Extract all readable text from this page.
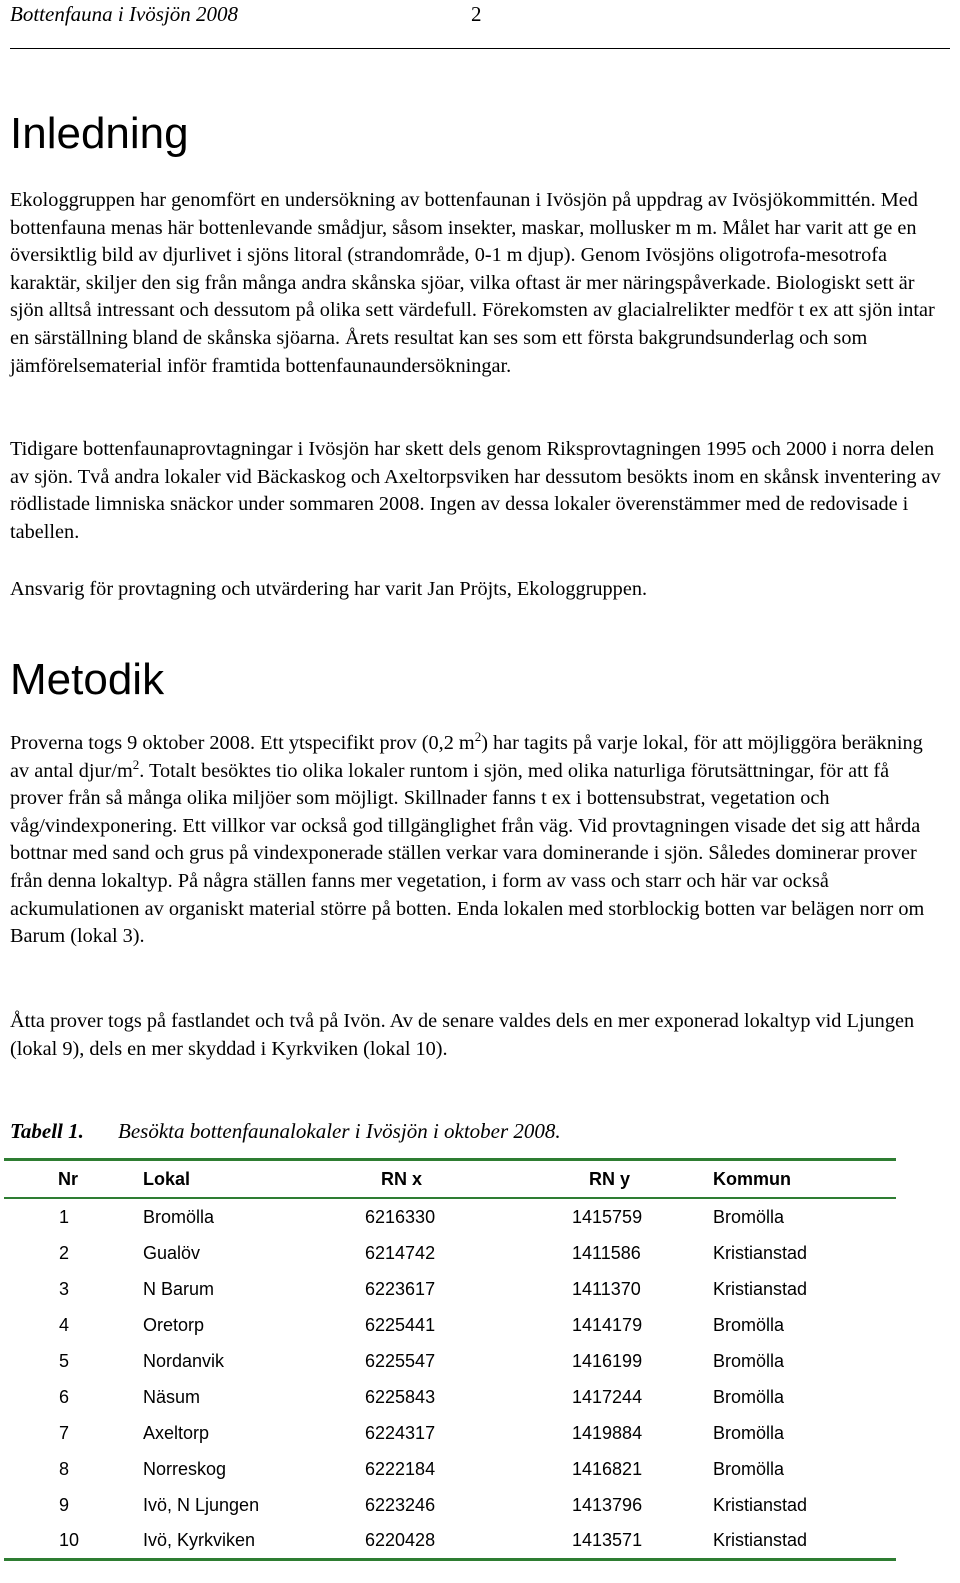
Bottenfauna i Ivösjön 2008	2
Inledning

Ekologgruppen har genomfört en undersökning av bottenfaunan i Ivösjön på uppdrag av Ivösjökommittén. Med bottenfauna menas här bottenlevande smådjur, såsom insekter, maskar, mollusker m m. Målet har varit att ge en översiktlig bild av djurlivet i sjöns litoral (strandområde, 0-1 m djup). Genom Ivösjöns oligotrofa-mesotrofa karaktär, skiljer den sig från många andra skånska sjöar, vilka oftast är mer näringspåverkade. Biologiskt sett är sjön alltså intressant och dessutom på olika sett värdefull. Förekomsten av glacialrelikter medför t ex att sjön intar en särställning bland de skånska sjöarna. Årets resultat kan ses som ett första bakgrundsunderlag och som jämförelsematerial inför framtida bottenfaunaundersökningar.

Tidigare bottenfaunaprovtagningar i Ivösjön har skett dels genom Riksprovtagningen 1995 och 2000 i norra delen av sjön. Två andra lokaler vid Bäckaskog och Axeltorpsviken har dessutom besökts inom en skånsk inventering av rödlistade limniska snäckor under sommaren 2008. Ingen av dessa lokaler överenstämmer med de redovisade i tabellen.

Ansvarig för provtagning och utvärdering har varit Jan Pröjts, Ekologgruppen.

Metodik

Proverna togs 9 oktober 2008. Ett ytspecifikt prov (0,2 $m^2$) har tagits på varje lokal, för att möjliggöra beräkning av antal djur/$m^2$. Totalt besöktes tio olika lokaler runtom i sjön, med olika naturliga förutsättningar, för att få prover från så många olika miljöer som möjligt. Skillnader fanns t ex i bottensubstrat, vegetation och våg/vindexponering. Ett villkor var också god tillgänglighet från väg. Vid provtagningen visade det sig att hårda bottnar med sand och grus på vindexponerade ställen verkar vara dominerande i sjön. Således dominerar prover från denna lokaltyp. På några ställen fanns mer vegetation, i form av vass och starr och här var också ackumulationen av organiskt material större på botten. Enda lokalen med storblockig botten var belägen norr om Barum (lokal 3).

Åtta prover togs på fastlandet och två på Ivön. Av de senare valdes dels en mer exponerad lokaltyp vid Ljungen (lokal 9), dels en mer skyddad i Kyrkviken (lokal 10).

Tabell 1. Besökta bottenfaunalokaler i Ivösjön i oktober 2008.
Nr	Lokal	RN x	RN y	Kommun
1	Bromölla	6216330	1415759	Bromölla
2	Gualöv	6214742	1411586	Kristianstad
3	N Barum	6223617	1411370	Kristianstad
4	Oretorp	6225441	1414179	Bromölla
5	Nordanvik	6225547	1416199	Bromölla
6	Näsum	6225843	1417244	Bromölla
7	Axeltorp	6224317	1419884	Bromölla
8	Norreskog	6222184	1416821	Bromölla
9	Ivö, N Ljungen	6223246	1413796	Kristianstad
10	Ivö, Kyrkviken	6220428	1413571	Kristianstad
